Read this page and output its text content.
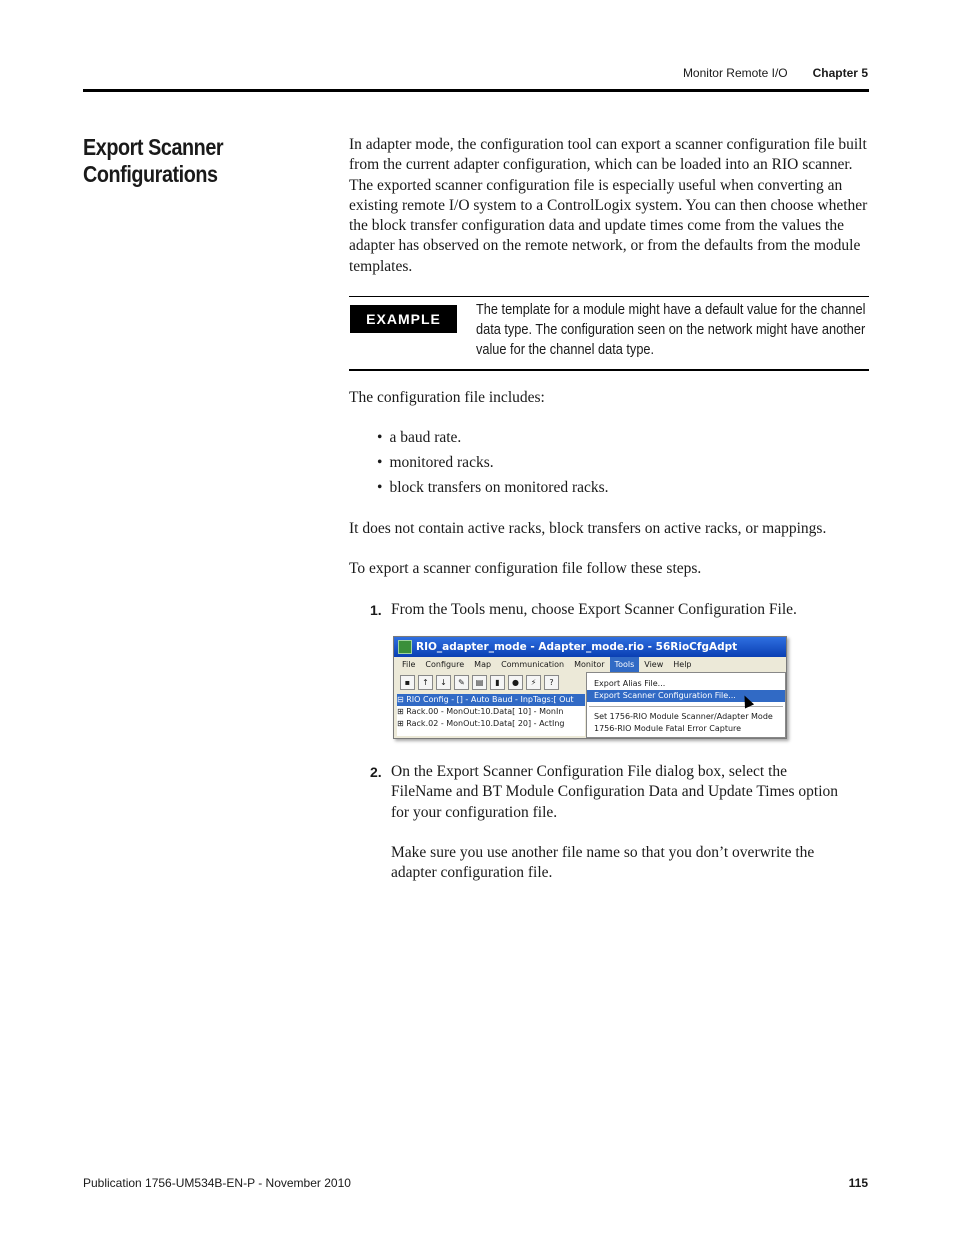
Monitor Remote I/O Chapter 5
Export Scanner
Configurations

In adapter mode, the configuration tool can export a scanner configuration file built from the current adapter configuration, which can be loaded into an RIO scanner. The exported scanner configuration file is especially useful when converting an existing remote I/O system to a ControlLogix system. You can then choose whether the block transfer configuration data and update times come from the values the adapter has observed on the remote network, or from the defaults from the module templates.

EXAMPLE
The template for a module might have a default value for the channel data type. The configuration seen on the network might have another value for the channel data type.

The configuration file includes:

• a baud rate.
• monitored racks.
• block transfers on monitored racks.

It does not contain active racks, block transfers on active racks, or mappings.

To export a scanner configuration file follow these steps.

1. From the Tools menu, choose Export Scanner Configuration File.

RIO_adapter_mode - Adapter_mode.rio - 56RioCfgAdpt
File	Configure	Map	Communication	Monitor	Tools	View	Help
▪	↑	↓	✎	▤	▮	●	⚡	?
⊟ RIO Config - [] - Auto Baud - InpTags:[ Out
⊞ Rack.00 - MonOut:10.Data[ 10] - MonIn
⊞ Rack.02 - MonOut:10.Data[ 20] - ActIng
Export Alias File...
Export Scanner Configuration File...
Set 1756-RIO Module Scanner/Adapter Mode
1756-RIO Module Fatal Error Capture
2. On the Export Scanner Configuration File dialog box, select the FileName and BT Module Configuration Data and Update Times option for your configuration file.

Make sure you use another file name so that you don’t overwrite the adapter configuration file.

Publication 1756-UM534B-EN-P - November 2010	115
